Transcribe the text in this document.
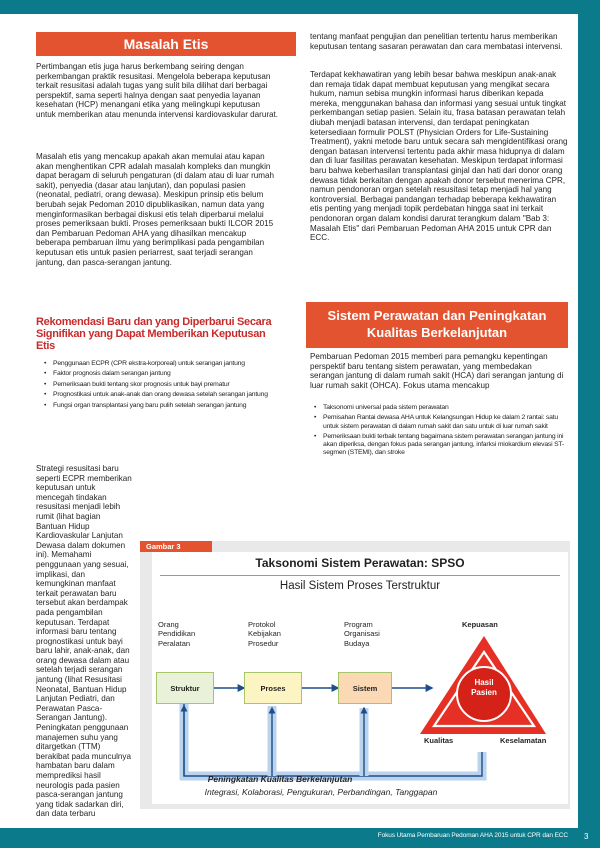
Masalah Etis

Pertimbangan etis juga harus berkembang seiring dengan perkembangan praktik resusitasi. Mengelola beberapa keputusan terkait resusitasi adalah tugas yang sulit bila dilihat dari berbagai perspektif, sama seperti halnya dengan saat penyedia layanan kesehatan (HCP) menangani etika yang melingkupi keputusan untuk memberikan atau menunda intervensi kardiovaskular darurat.

Masalah etis yang mencakup apakah akan memulai atau kapan akan menghentikan CPR adalah masalah kompleks dan mungkin dapat beragam di seluruh pengaturan (di dalam atau di luar rumah sakit), penyedia (dasar atau lanjutan), dan populasi pasien (neonatal, pediatri, orang dewasa). Meskipun prinsip etis belum berubah sejak Pedoman 2010 dipublikasikan, namun data yang menginformasikan berbagai diskusi etis telah diperbarui melalui proses pemeriksaan bukti. Proses pemeriksaan bukti ILCOR 2015 dan Pembaruan Pedoman AHA yang dihasilkan mencakup beberapa pembaruan ilmu yang berimplikasi pada pengambilan keputusan etis untuk pasien periarrest, saat terjadi serangan jantung, dan pasca-serangan jantung.

Rekomendasi Baru dan yang Diperbarui Secara Signifikan yang Dapat Memberikan Keputusan Etis

• Penggunaan ECPR (CPR ekstra-korporeal) untuk serangan jantung
• Faktor prognosis dalam serangan jantung
• Pemeriksaan bukti tentang skor prognosis untuk bayi prematur
• Prognostikasi untuk anak-anak dan orang dewasa setelah serangan jantung
• Fungsi organ transplantasi yang baru pulih setelah serangan jantung

Strategi resusitasi baru seperti ECPR memberikan keputusan untuk mencegah tindakan resusitasi menjadi lebih rumit (lihat bagian Bantuan Hidup Kardiovaskular Lanjutan Dewasa dalam dokumen ini). Memahami penggunaan yang sesuai, implikasi, dan kemungkinan manfaat terkait perawatan baru tersebut akan berdampak pada pengambilan keputusan. Terdapat informasi baru tentang prognostikasi untuk bayi baru lahir, anak-anak, dan orang dewasa dalam atau setelah terjadi serangan jantung (lihat Resusitasi Neonatal, Bantuan Hidup Lanjutan Pediatri, dan Perawatan Pasca-Serangan Jantung). Peningkatan penggunaan manajemen suhu yang ditargetkan (TTM) berakibat pada munculnya hambatan baru dalam memprediksi hasil neurologis pada pasien pasca-serangan jantung yang tidak sadarkan diri, dan data terbaru

tentang manfaat pengujian dan penelitian tertentu harus memberikan keputusan tentang sasaran perawatan dan cara membatasi intervensi.

Terdapat kekhawatiran yang lebih besar bahwa meskipun anak-anak dan remaja tidak dapat membuat keputusan yang mengikat secara hukum, namun sebisa mungkin informasi harus diberikan kepada mereka, menggunakan bahasa dan informasi yang sesuai untuk tingkat perkembangan setiap pasien. Selain itu, frasa batasan perawatan telah diubah menjadi batasan intervensi, dan terdapat peningkatan ketersediaan formulir POLST (Physician Orders for Life-Sustaining Treatment), yakni metode baru untuk secara sah mengidentifikasi orang dengan batasan intervensi tertentu pada akhir masa hidupnya di dalam dan di luar fasilitas perawatan kesehatan. Meskipun terdapat informasi baru bahwa keberhasilan transplantasi ginjal dan hati dari donor orang dewasa tidak berkaitan dengan apakah donor tersebut menerima CPR, namun pendonoran organ setelah resusitasi tetap menjadi hal yang kontroversial. Berbagai pandangan terhadap beberapa kekhawatiran etis penting yang menjadi topik perdebatan hingga saat ini terkait pendonoran organ dalam kondisi darurat terangkum dalam "Bab 3: Masalah Etis" dari Pembaruan Pedoman AHA 2015 untuk CPR dan ECC.

Sistem Perawatan dan Peningkatan Kualitas Berkelanjutan

Pembaruan Pedoman 2015 memberi para pemangku kepentingan perspektif baru tentang sistem perawatan, yang membedakan serangan jantung di dalam rumah sakit (HCA) dari serangan jantung di luar rumah sakit (OHCA). Fokus utama mencakup

• Taksonomi universal pada sistem perawatan
• Pemisahan Rantai dewasa AHA untuk Kelangsungan Hidup ke dalam 2 rantai: satu untuk sistem perawatan di dalam rumah sakit dan satu untuk di luar rumah sakit
• Pemeriksaan bukti terbaik tentang bagaimana sistem perawatan serangan jantung ini akan diperiksa, dengan fokus pada serangan jantung, infarksi miokardium elevasi ST-segmen (STEMI), dan stroke
Gambar 3
Taksonomi Sistem Perawatan: SPSO
Hasil Sistem Proses Terstruktur
Orang
Pendidikan
Peralatan
Protokol
Kebijakan
Prosedur
Program
Organisasi
Budaya
Struktur	Proses	Sistem
Kepuasan
Hasil
Pasien
Kualitas	Keselamatan
Peningkatan Kualitas Berkelanjutan
Integrasi, Kolaborasi, Pengukuran, Perbandingan, Tanggapan
Fokus Utama Pembaruan Pedoman AHA 2015 untuk CPR dan ECC 3
